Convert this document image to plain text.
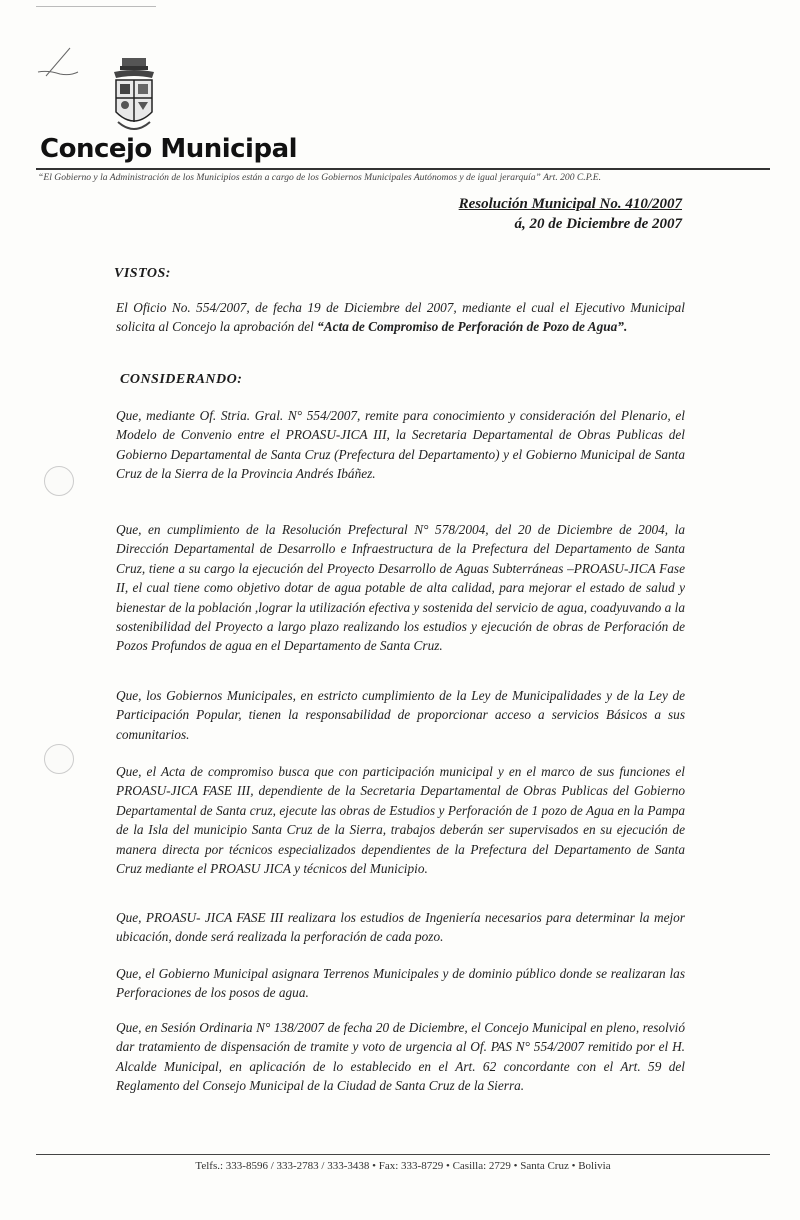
Concejo Municipal
“El Gobierno y la Administración de los Municipios están a cargo de los Gobiernos Municipales Autónomos y de igual jerarquía” Art. 200 C.P.E.
Resolución Municipal No. 410/2007
á, 20 de Diciembre de 2007
VISTOS:
El Oficio No. 554/2007, de fecha 19 de Diciembre del 2007, mediante el cual el Ejecutivo Municipal solicita al Concejo la aprobación del “Acta de Compromiso de Perforación de Pozo de Agua”.
CONSIDERANDO:
Que, mediante Of. Stria. Gral. N° 554/2007, remite para conocimiento y consideración del Plenario, el Modelo de Convenio entre el PROASU-JICA III, la Secretaria Departamental de Obras Publicas del Gobierno Departamental de Santa Cruz (Prefectura del Departamento) y el Gobierno Municipal de Santa Cruz de la Sierra de la Provincia Andrés Ibáñez.
Que, en cumplimiento de la Resolución Prefectural N° 578/2004, del 20 de Diciembre de 2004, la Dirección Departamental de Desarrollo e Infraestructura de la Prefectura del Departamento de Santa Cruz, tiene a su cargo la ejecución del Proyecto Desarrollo de Aguas Subterráneas –PROASU-JICA Fase II, el cual tiene como objetivo dotar de agua potable de alta calidad, para mejorar el estado de salud y bienestar de la población ,lograr la utilización efectiva y sostenida del servicio de agua, coadyuvando a la sostenibilidad del Proyecto a largo plazo realizando los estudios y ejecución de obras de Perforación de Pozos Profundos de agua en el Departamento de Santa Cruz.
Que, los Gobiernos Municipales, en estricto cumplimiento de la Ley de Municipalidades y de la Ley de Participación Popular, tienen la responsabilidad de proporcionar acceso a servicios Básicos a sus comunitarios.
Que, el Acta de compromiso busca que con participación municipal y en el marco de sus funciones el PROASU-JICA FASE III, dependiente de la Secretaria Departamental de Obras Publicas del Gobierno Departamental de Santa cruz, ejecute las obras de Estudios y Perforación de 1 pozo de Agua en la Pampa de la Isla del municipio Santa Cruz de la Sierra, trabajos deberán ser supervisados en su ejecución de manera directa por técnicos especializados dependientes de la Prefectura del Departamento de Santa Cruz mediante el PROASU JICA y técnicos del Municipio.
Que, PROASU- JICA FASE III realizara los estudios de Ingeniería necesarios para determinar la mejor ubicación, donde será realizada la perforación de cada pozo.
Que, el Gobierno Municipal asignara Terrenos Municipales y de dominio público donde se realizaran las Perforaciones de los posos de agua.
Que, en Sesión Ordinaria N° 138/2007 de fecha 20 de Diciembre, el Concejo Municipal en pleno, resolvió dar tratamiento de dispensación de tramite y voto de urgencia al Of. PAS N° 554/2007 remitido por el H. Alcalde Municipal, en aplicación de lo establecido en el Art. 62 concordante con el Art. 59 del Reglamento del Consejo Municipal de la Ciudad de Santa Cruz de la Sierra.
Telfs.: 333-8596 / 333-2783 / 333-3438 • Fax: 333-8729 • Casilla: 2729 • Santa Cruz • Bolivia
